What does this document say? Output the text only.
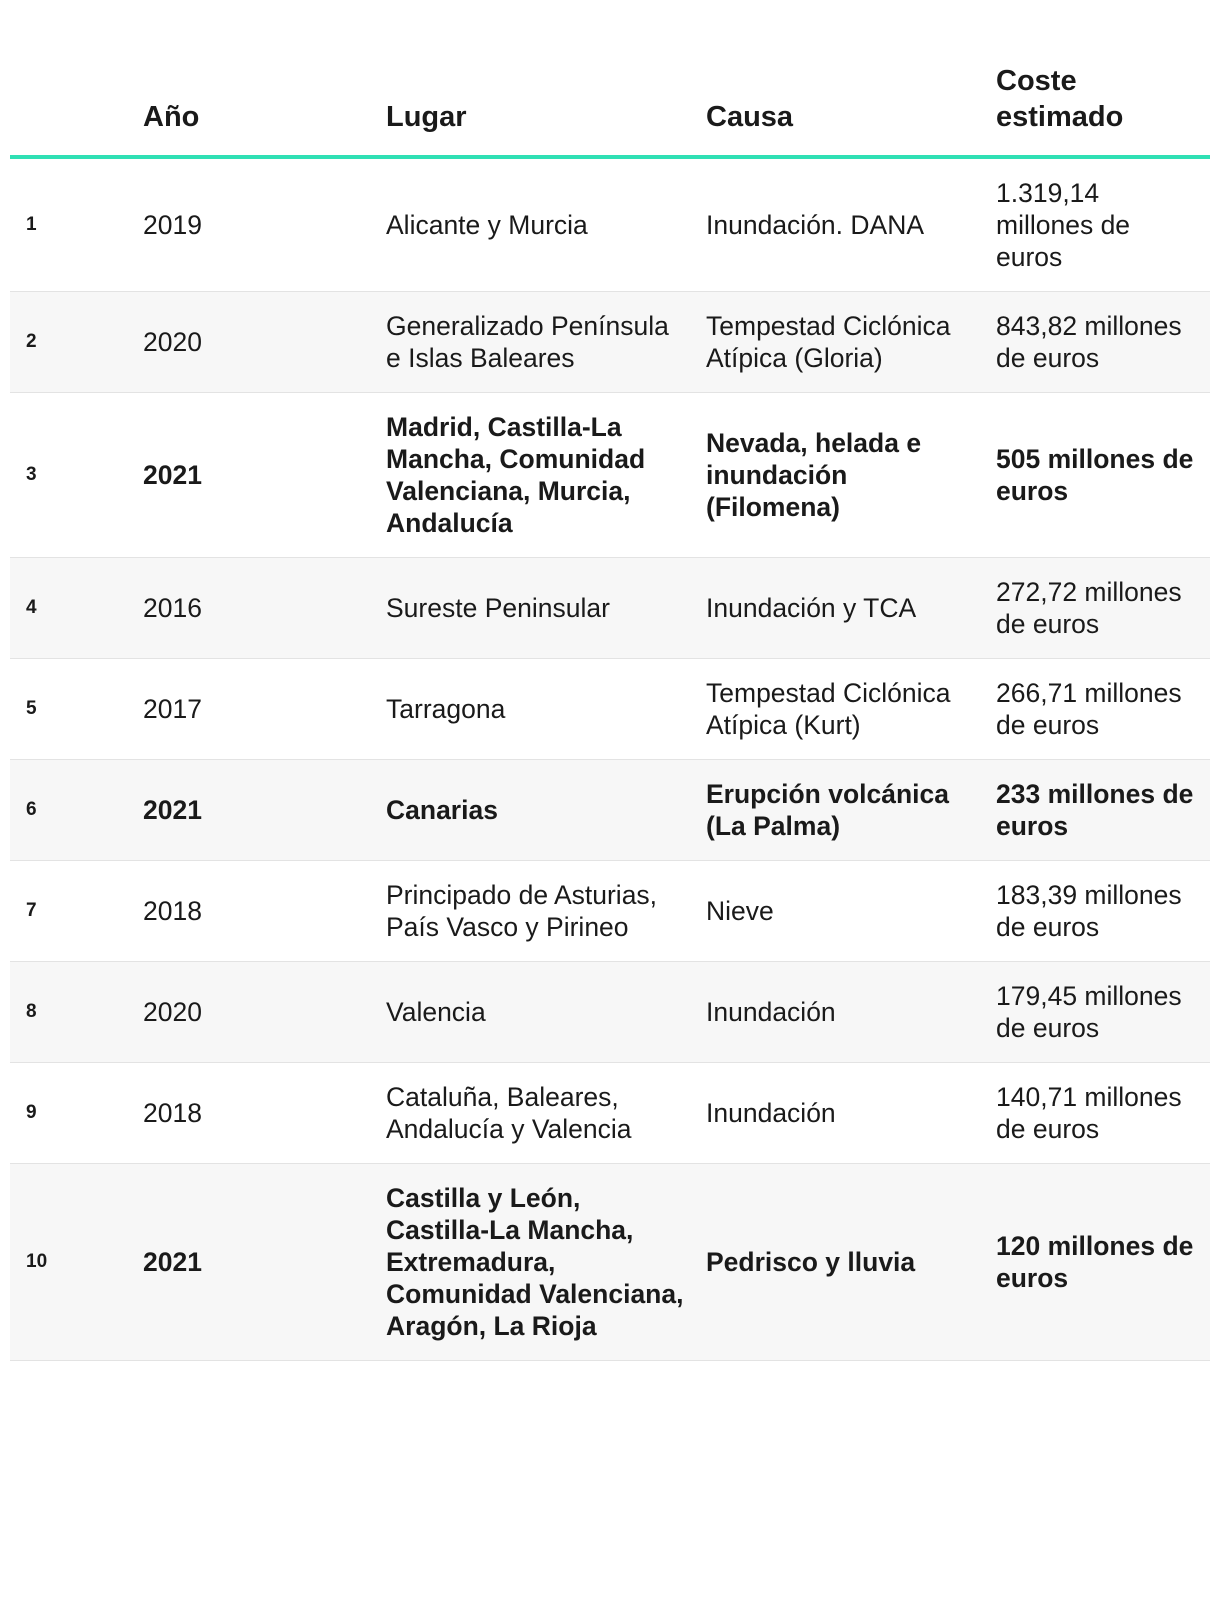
	Año	Lugar	Causa	Coste estimado
1	2019	Alicante y Murcia	Inundación. DANA	1.319,14 millones de euros
2	2020	Generalizado Península e Islas Baleares	Tempestad Ciclónica Atípica (Gloria)	843,82 millones de euros
3	2021	Madrid, Castilla-La Mancha, Comunidad Valenciana, Murcia, Andalucía	Nevada, helada e inundación (Filomena)	505 millones de euros
4	2016	Sureste Peninsular	Inundación y TCA	272,72 millones de euros
5	2017	Tarragona	Tempestad Ciclónica Atípica (Kurt)	266,71 millones de euros
6	2021	Canarias	Erupción volcánica (La Palma)	233 millones de euros
7	2018	Principado de Asturias, País Vasco y Pirineo	Nieve	183,39 millones de euros
8	2020	Valencia	Inundación	179,45 millones de euros
9	2018	Cataluña, Baleares, Andalucía y Valencia	Inundación	140,71 millones de euros
10	2021	Castilla y León, Castilla-La Mancha, Extremadura, Comunidad Valenciana, Aragón, La Rioja	Pedrisco y lluvia	120 millones de euros
